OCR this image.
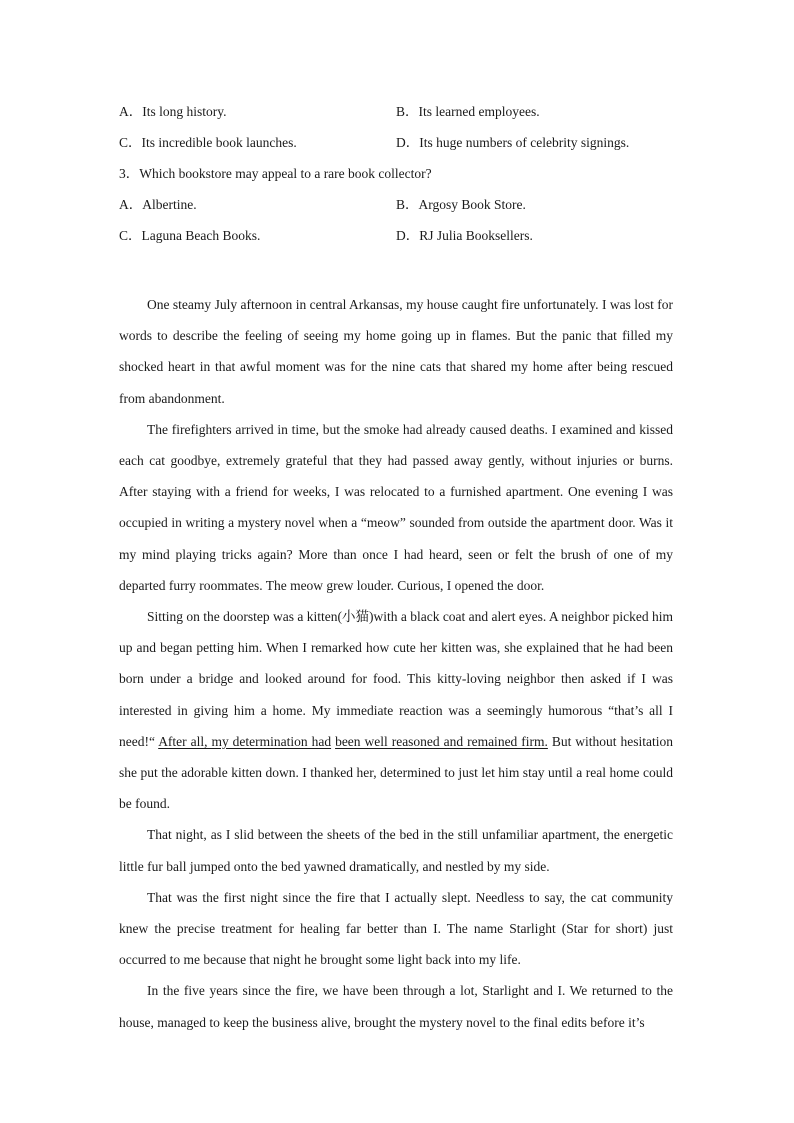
A．Its long history.	B．Its learned employees.
C．Its incredible book launches.	D．Its huge numbers of celebrity signings.
3．Which bookstore may appeal to a rare book collector?
A．Albertine.	B．Argosy Book Store.
C．Laguna Beach Books.	D．RJ Julia Booksellers.

One steamy July afternoon in central Arkansas, my house caught fire unfortunately. I was lost for words to describe the feeling of seeing my home going up in flames. But the panic that filled my shocked heart in that awful moment was for the nine cats that shared my home after being rescued from abandonment.

The firefighters arrived in time, but the smoke had already caused deaths. I examined and kissed each cat goodbye, extremely grateful that they had passed away gently, without injuries or burns. After staying with a friend for weeks, I was relocated to a furnished apartment. One evening I was occupied in writing a mystery novel when a “meow” sounded from outside the apartment door. Was it my mind playing tricks again? More than once I had heard, seen or felt the brush of one of my departed furry roommates. The meow grew louder. Curious, I opened the door.

Sitting on the doorstep was a kitten(小猫)with a black coat and alert eyes. A neighbor picked him up and began petting him. When I remarked how cute her kitten was, she explained that he had been born under a bridge and looked around for food. This kitty-loving neighbor then asked if I was interested in giving him a home. My immediate reaction was a seemingly humorous “that’s all I need!“ After all, my determination had been well reasoned and remained firm. But without hesitation she put the adorable kitten down. I thanked her, determined to just let him stay until a real home could be found.

That night, as I slid between the sheets of the bed in the still unfamiliar apartment, the energetic little fur ball jumped onto the bed yawned dramatically, and nestled by my side.

That was the first night since the fire that I actually slept. Needless to say, the cat community knew the precise treatment for healing far better than I. The name Starlight (Star for short) just occurred to me because that night he brought some light back into my life.

In the five years since the fire, we have been through a lot, Starlight and I. We returned to the house, managed to keep the business alive, brought the mystery novel to the final edits before it’s
